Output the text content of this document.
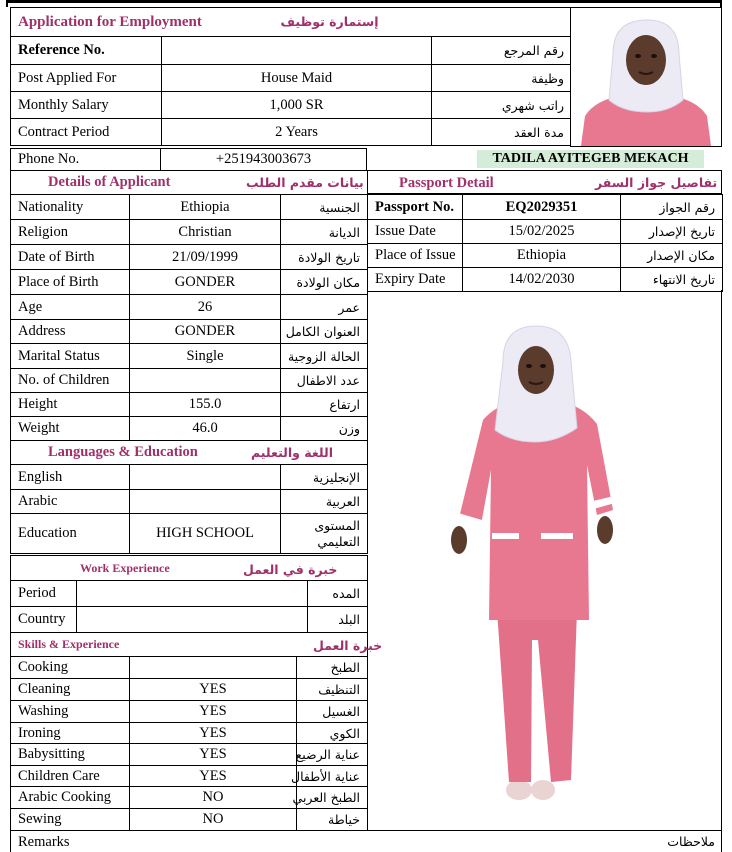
Application for Employment	إستمارة توظيف
Reference No.		رقم المرجع
Post Applied For	House Maid	وظيفة
Monthly Salary	1,000 SR	راتب شهري
Contract Period	2 Years	مدة العقد
Phone No.	+251943003673	TADILA AYITEGEB MEKACH
Details of Applicant بيانات مقدم الطلب		

Nationality	Ethiopia	الجنسية
Religion	Christian	الديانة
Date of Birth	21/09/1999	تاريخ الولادة
Place of Birth	GONDER	مكان الولادة
Age	26	عمر
Address	GONDER	العنوان الكامل
Marital Status	Single	الحالة الزوجية
No. of Children		عدد الاطفال
Height	155.0	ارتفاع
Weight	46.0	وزن
Languages & Education اللغة والتعليم		

English		الإنجليزية
Arabic		العربية
Education	HIGH SCHOOL	المستوى التعليمي
Work Experience خبرة في العمل		

Period		المده
Country		البلد
Skills & Experience خبرة العمل		

Cooking		الطبخ
Cleaning	YES	التنظيف
Washing	YES	الغسيل
Ironing	YES	الكوي
Babysitting	YES	عناية الرضيع
Children Care	YES	عناية الأطفال
Arabic Cooking	NO	الطبخ العربي
Sewing	NO	خياطة
Remarks	ملاحظات
Passport Detail	تفاصيل جواز السفر
Passport No.	EQ2029351	رقم الجواز
Issue Date	15/02/2025	تاريخ الإصدار
Place of Issue	Ethiopia	مكان الإصدار
Expiry Date	14/02/2030	تاريخ الانتهاء
